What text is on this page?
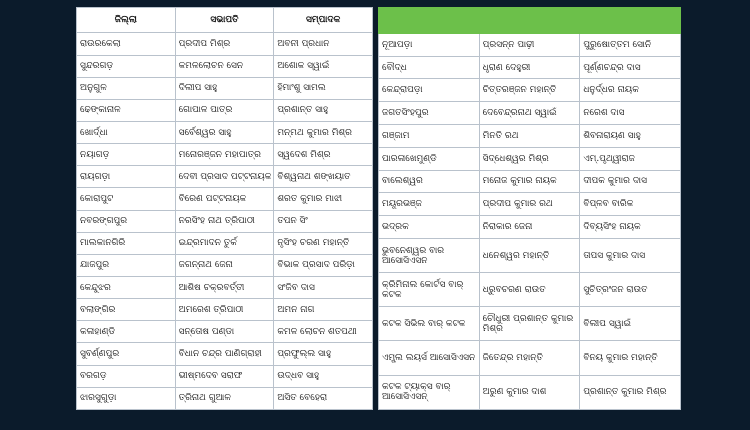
ଜିଲ୍ଲା	ସଭାପତି	ସମ୍ପାଦକ
ରାଉରକେଲା	ପ୍ରଦୀପ ମିଶ୍ର	ଅବନୀ ପ୍ରଧାନ
ସୁନ୍ଦରଗଡ଼	କମଳଲୋଚନ ସେନ	ଅଶୋକ ସ୍ୱାଇଁ
ଅନୁଗୁଳ	ଦିଲୀପ ସାହୁ	ହିମାଂଶୁ ସାମଲ
ଢେଙ୍କାନାଳ	ଗୋପାଳ ପାତ୍ର	ପ୍ରଶାନ୍ତ ସାହୁ
ଖୋର୍ଦ୍ଧା	ସର୍ବେଶ୍ୱର ସାହୁ	ମନ୍ମଥ କୁମାର ମିଶ୍ର
ନୟାଗଡ଼	ମନୋରଞ୍ଜନ ମହାପାତ୍ର	ସ୍ୱଦେଶ ମିଶ୍ର
ରାୟଗଡ଼ା	ଦେବୀ ପ୍ରସାଦ ପଟ୍ଟନାୟକ	ବିଶ୍ୱନାଥ ଶଙ୍ଖୟାତ
କୋରାପୁଟ	ବିରେଣ ପଟ୍ଟନାୟକ	ଶରତ କୁମାର ମାଝୀ
ନବରଙ୍ଗପୁର	ନରସିଂହ ନାଥ ତ୍ରିପାଠୀ	ତପନ ସିଂ
ମାଲକାନଗିରି	ଇନ୍ଦ୍ରମାଦନ ତୁର୍କ	ନୃସିଂହ ଚରଣ ମହାନ୍ତି
ଯାଜପୁର	ଜଗନ୍ନାଥ ଜେନା	ବିଭାକ ପ୍ରସାଦ ପରିଡ଼ା
କେନ୍ଦୁଝର	ଆଶିଷ ଚକ୍ରବର୍ତ୍ତୀ	ସଂଜିବ ଦାସ
ବଲାଙ୍ଗିର	ଅମରେଶ ତ୍ରିପାଠୀ	ଅମନ ନାଗ
କଳାହାଣ୍ଡି	ସନ୍ତୋଷ ପଣ୍ଡା	କମଳ ଲୋଚନ ଶତପଥୀ
ସୁବର୍ଣ୍ଣପୁର	ବିଧାନ ଚନ୍ଦ୍ର ପାଣିଗ୍ରାହୀ	ପ୍ରଫୁଲ୍ଲ ସାହୁ
ବରଗଡ଼	ଭୀଷ୍ମଦେବ ସରାଫ	ଉଦ୍ଧବ ସାହୁ
ଝାରସୁଗୁଡ଼ା	ତ୍ରିନାଥ ଗୁଆଳ	ଅସିତ ବେହେରା

ନୂଆପଡ଼ା	ପ୍ରସନ୍ନ ପାଢ଼ୀ	ପୁରୁଷୋତ୍ତମ ସୋନି
ବୌଦ୍ଧ	ଧୃରାଣ ଦେହୁରୀ	ପୂର୍ଣ୍ଣଚନ୍ଦ୍ର ଦାସ
କେନ୍ଦ୍ରାପଡ଼ା	ଚିତ୍ତରଞ୍ଜନ ମହାନ୍ତି	ଧନୁର୍ଦ୍ଧର ନାୟକ
ଜଗତସିଂହପୁର	ଦେବେନ୍ଦ୍ରନାଥ ସ୍ୱାଇଁ	ନରେଶ ଦାସ
ଗଞ୍ଜାମ	ମିନତି ରଥ	ଶିବନାରାୟଣ ସାହୁ
ପାରଳାଖେମୁଣ୍ଡି	ସିଦ୍ଧେଶ୍ୱର ମିଶ୍ର	ଏମ୍.ପୃଥ୍ୱୀରାଜ
ବାଲେଶ୍ୱର	ମନୋଜ କୁମାର ନାୟକ	ଦୀପକ କୁମାର ଦାସ
ମୟୂରଭଞ୍ଜ	ପ୍ରଦୀପ କୁମାର ରଥ	ବିପ୍ଳବ ବାରିକ
ଭଦ୍ରକ	ନିରାକାର ଜେନା	ଦିବ୍ୟସିଂହ ନାୟକ
ଭୁବନେଶ୍ୱର ବାର ଆସୋସିଏସନ	ଧନେଶ୍ୱର ମହାନ୍ତି	ତାପସ କୁମାର ଦାସ
କ୍ରିମିନାଲ କୋର୍ଟସ ବାର୍ କଟକ	ଧ୍ରୁବଚରଣ ରାଉତ	ସୁଚିତ୍ରଂଜନ ରାଉତ
କଟକ ସିଭିଲ ବାର୍ କଟକ	ଚୌଧୁରୀ ପ୍ରଶାନ୍ତ କୁମାର ମିଶ୍ର	ବିଲୀପ ସ୍ୱାଇଁ
ଏମ୍ପ୍ଲ ଲୟର୍ସ ଆସୋସିଏସନ	ଜିତେନ୍ଦ୍ର ମହାନ୍ତି	ବିନୟ କୁମାର ମହାନ୍ତି
କଟକ ଟ୍ୟାକ୍ସ ବାର୍ ଆସୋସିଏସନ୍	ଅରୁଣ କୁମାର ଦାଶ	ପ୍ରଶାନ୍ତ କୁମାର ମିଶ୍ର
